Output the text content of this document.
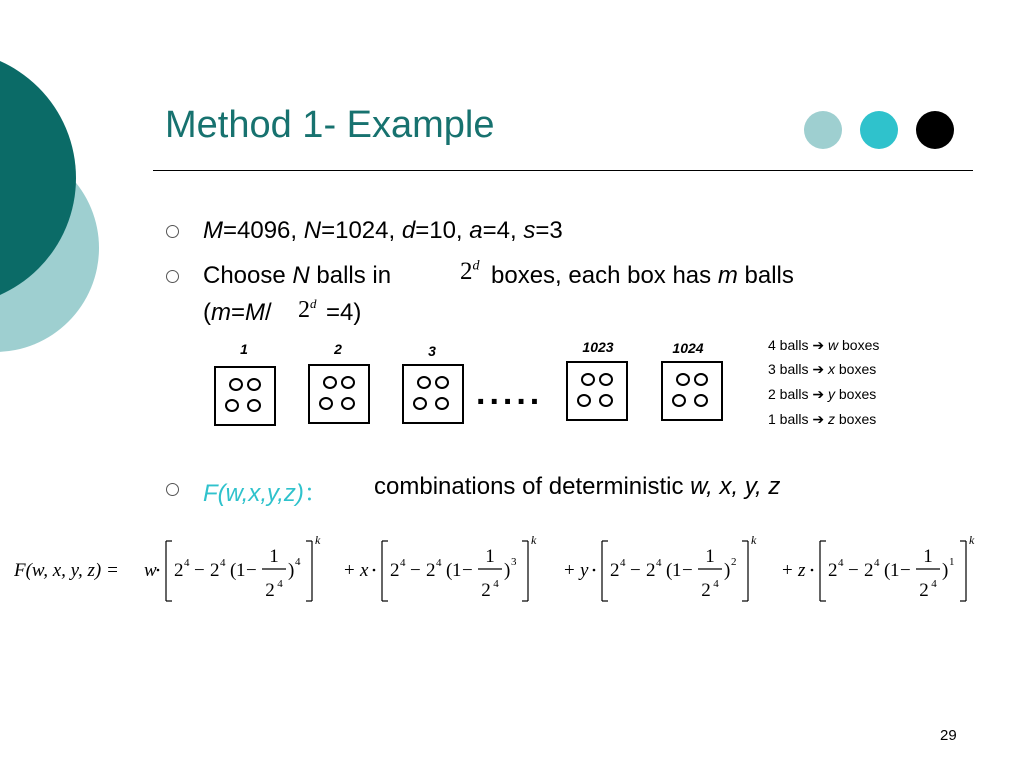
Method 1- Example
M=4096, N=1024, d=10, a=4, s=3
Choose N balls in	2$^d$ boxes, each box has m balls
(m=M/ $2^d =4$)
1	2	3	1023	1024
.....
4 balls ➔ w boxes
3 balls ➔ x boxes
2 balls ➔ y boxes
1 balls ➔ z boxes
F(w,x,y,z)： combinations of deterministic w, x, y, z
F(w, x, y, z) = w 2 4 − 2 4 ( 1 −
1
2 4
) 4
k
+ x 2 4 − 2 4 ( 1 −
1
2 4
) 3
k
+ y 2 4 − 2 4 ( 1 −
1
2 4
) 2
k
+ z 2 4 − 2 4 ( 1 −
1
2 4
) 1
k
29
